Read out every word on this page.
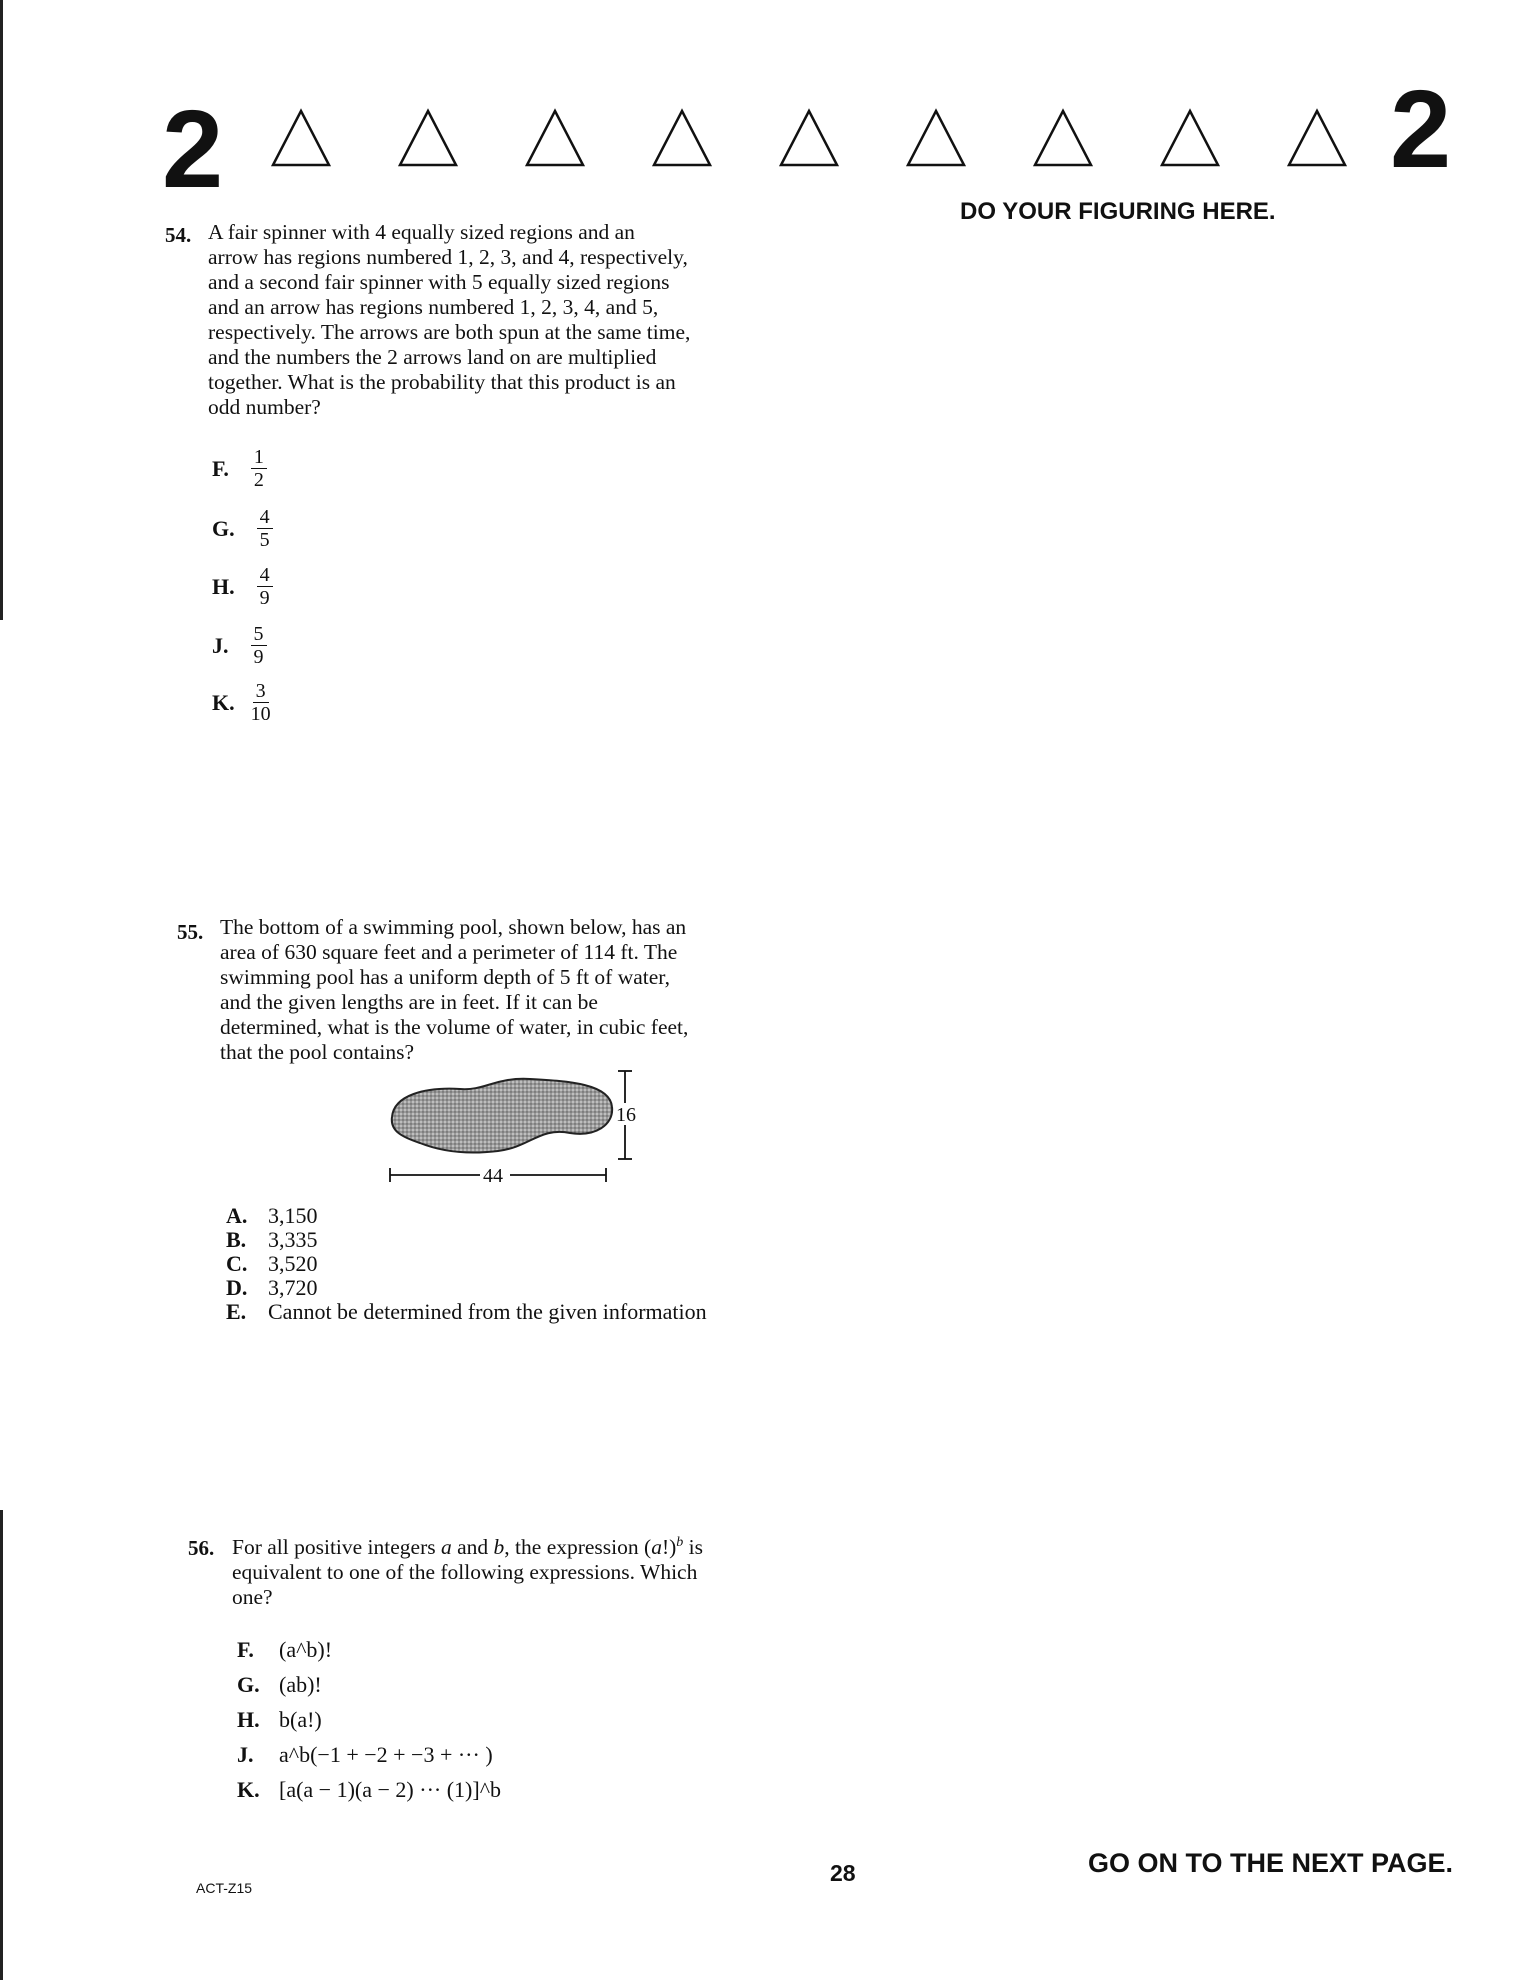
2	2
DO YOUR FIGURING HERE.
54. A fair spinner with 4 equally sized regions and an
arrow has regions numbered 1, 2, 3, and 4, respectively,
and a second fair spinner with 5 equally sized regions
and an arrow has regions numbered 1, 2, 3, 4, and 5,
respectively. The arrows are both spun at the same time,
and the numbers the 2 arrows land on are multiplied
together. What is the probability that this product is an
odd number?
F. $\frac{1}{2}$
G. $\frac{4}{5}$
H. $\frac{4}{9}$
J. $\frac{5}{9}$
K. $\frac{3}{10}$
55. The bottom of a swimming pool, shown below, has an
area of 630 square feet and a perimeter of 114 ft. The
swimming pool has a uniform depth of 5 ft of water,
and the given lengths are in feet. If it can be
determined, what is the volume of water, in cubic feet,
that the pool contains?
16
44
A. 3,150
B. 3,335
C. 3,520
D. 3,720
E. Cannot be determined from the given information
56. For all positive integers a and b, the expression $(a!)^b$ is
equivalent to one of the following expressions. Which
one?
F. (a^b)!
G. (ab)!
H. b(a!)
J. a^b(−1 + −2 + −3 + ··· )
K. [a(a − 1)(a − 2) ··· (1)]^b
ACT-Z15
28	GO ON TO THE NEXT PAGE.
